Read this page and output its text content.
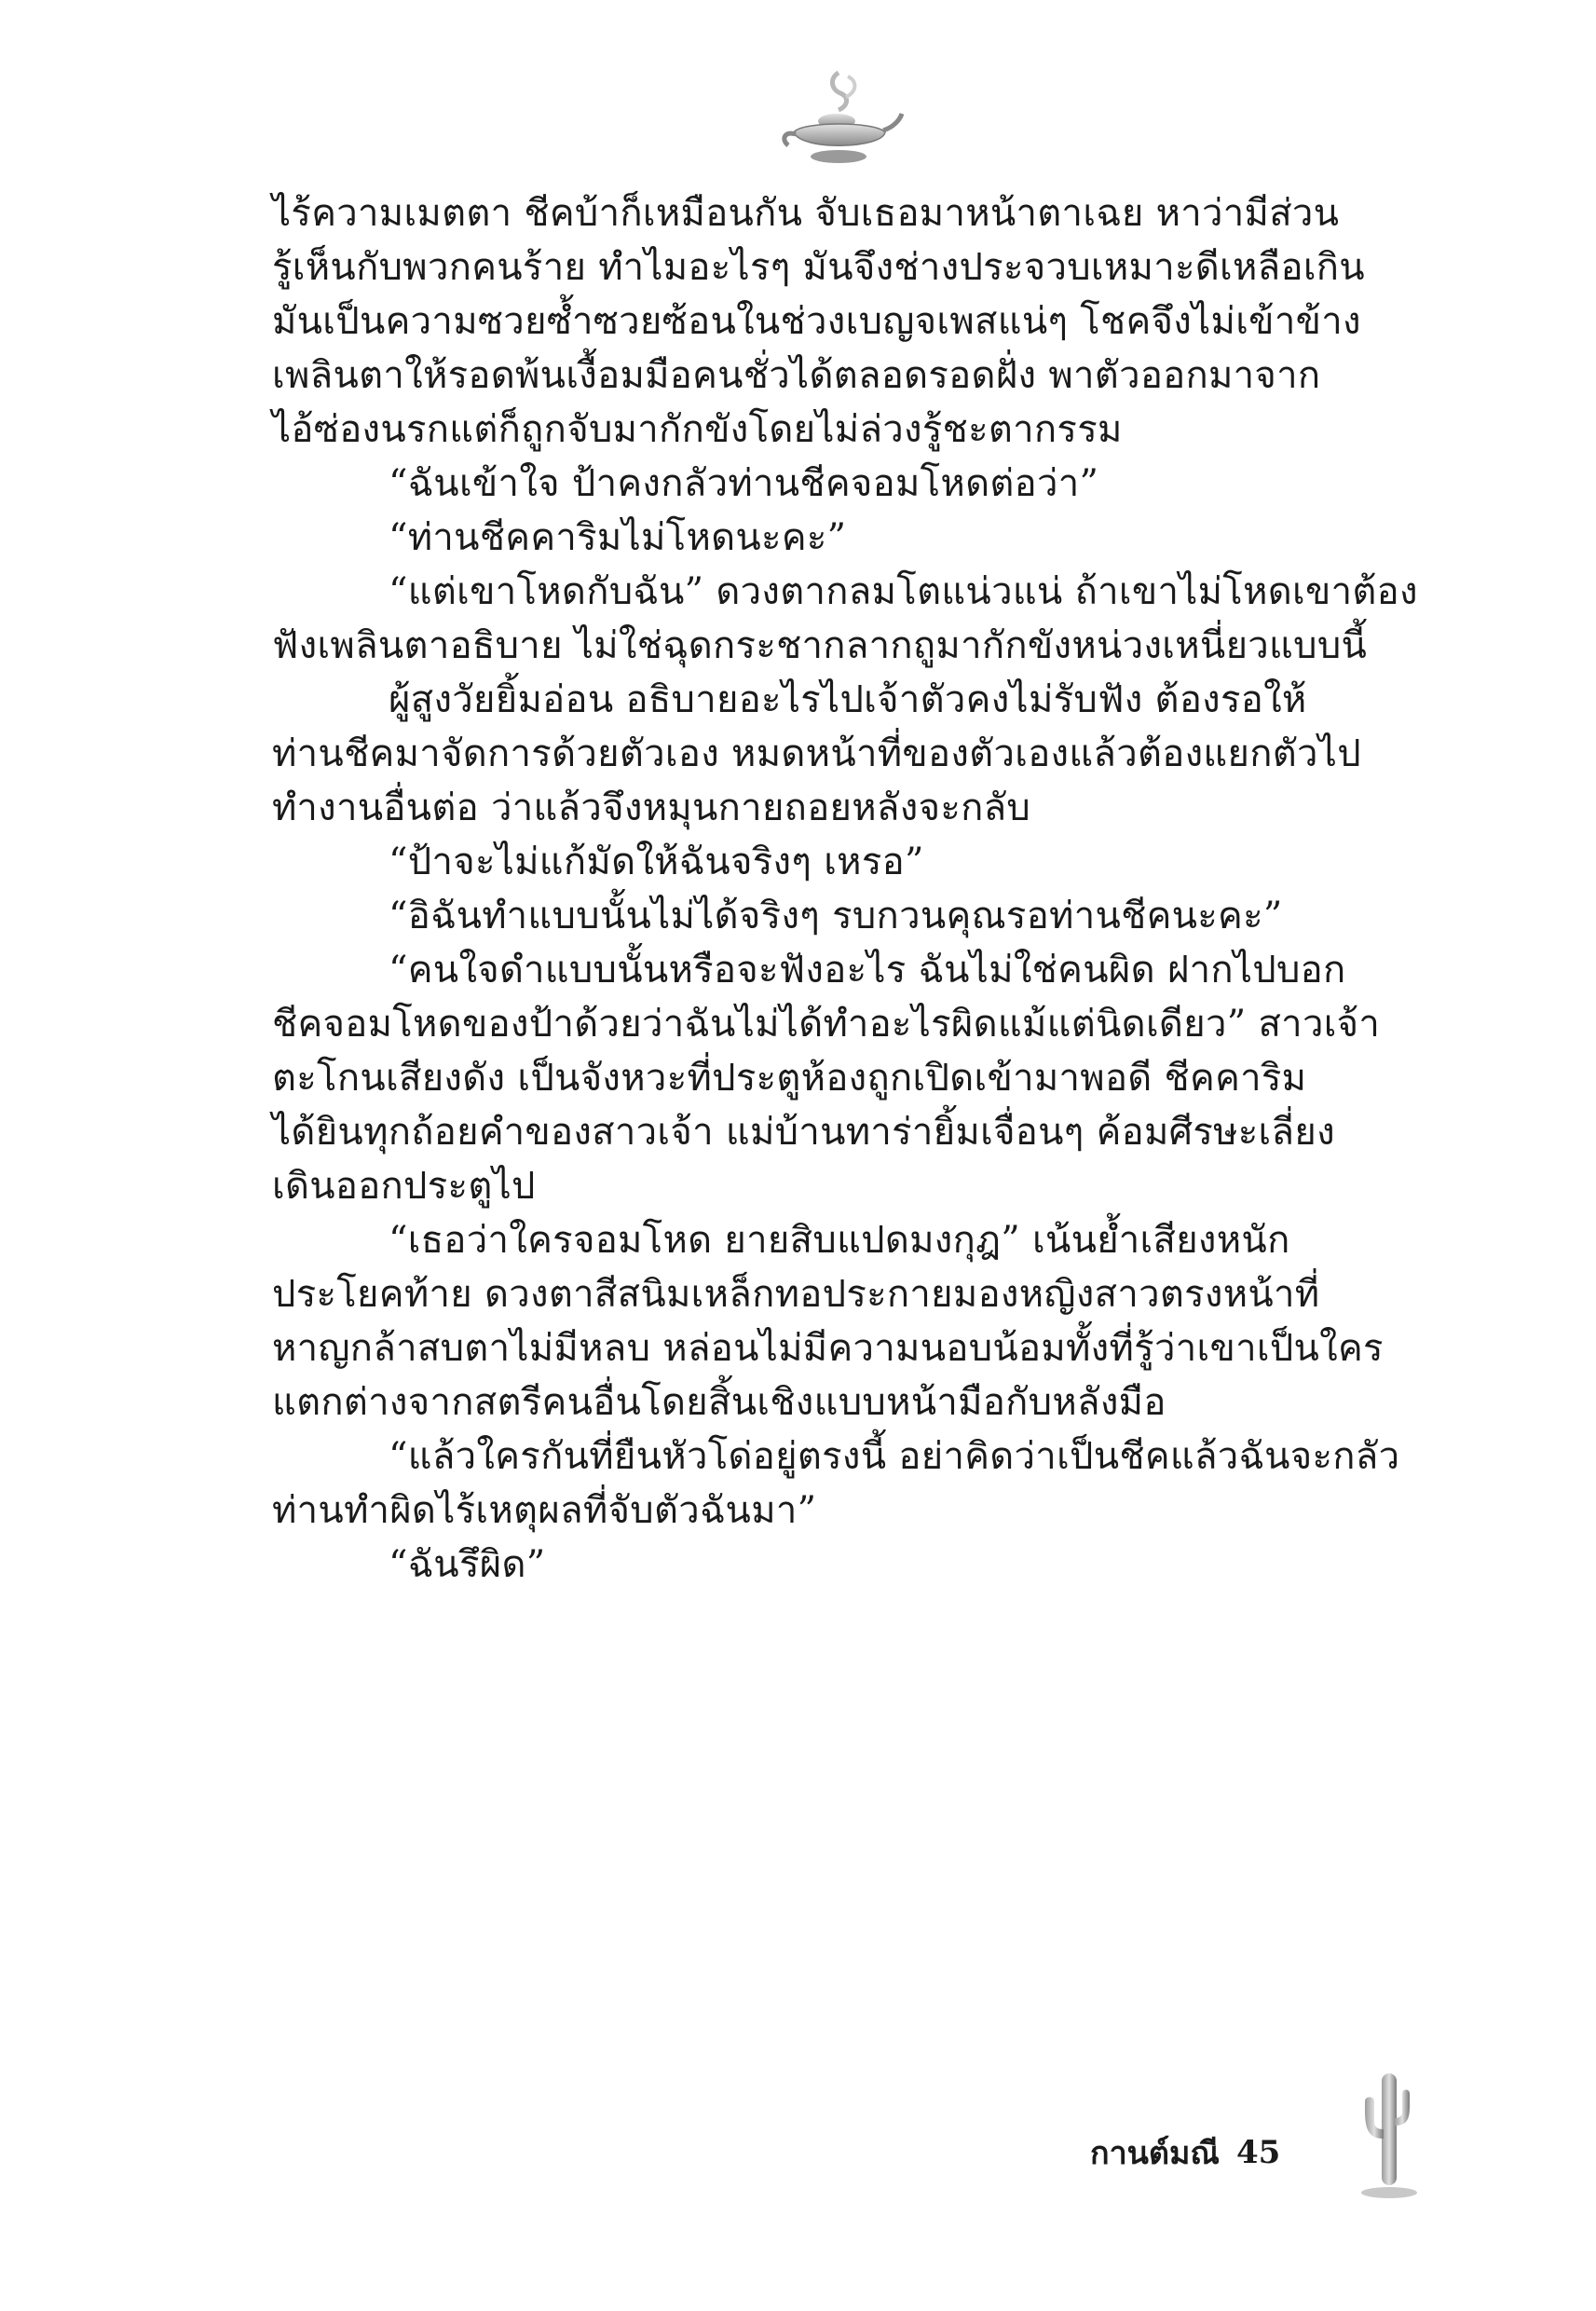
ไร้ความเมตตา ชีคบ้าก็เหมือนกัน จับเธอมาหน้าตาเฉย หาว่ามีส่วน

รู้เห็นกับพวกคนร้าย ทำไมอะไรๆ มันจึงช่างประจวบเหมาะดีเหลือเกิน

มันเป็นความซวยซ้ำซวยซ้อนในช่วงเบญจเพสแน่ๆ โชคจึงไม่เข้าข้าง

เพลินตาให้รอดพ้นเงื้อมมือคนชั่วได้ตลอดรอดฝั่ง พาตัวออกมาจาก

ไอ้ซ่องนรกแต่ก็ถูกจับมากักขังโดยไม่ล่วงรู้ชะตากรรม

“ฉันเข้าใจ ป้าคงกลัวท่านชีคจอมโหดต่อว่า”

“ท่านชีคคาริมไม่โหดนะคะ”

“แต่เขาโหดกับฉัน” ดวงตากลมโตแน่วแน่ ถ้าเขาไม่โหดเขาต้อง

ฟังเพลินตาอธิบาย ไม่ใช่ฉุดกระชากลากถูมากักขังหน่วงเหนี่ยวแบบนี้

ผู้สูงวัยยิ้มอ่อน อธิบายอะไรไปเจ้าตัวคงไม่รับฟัง ต้องรอให้

ท่านชีคมาจัดการด้วยตัวเอง หมดหน้าที่ของตัวเองแล้วต้องแยกตัวไป

ทำงานอื่นต่อ ว่าแล้วจึงหมุนกายถอยหลังจะกลับ

“ป้าจะไม่แก้มัดให้ฉันจริงๆ เหรอ”

“อิฉันทำแบบนั้นไม่ได้จริงๆ รบกวนคุณรอท่านชีคนะคะ”

“คนใจดำแบบนั้นหรือจะฟังอะไร ฉันไม่ใช่คนผิด ฝากไปบอก

ชีคจอมโหดของป้าด้วยว่าฉันไม่ได้ทำอะไรผิดแม้แต่นิดเดียว” สาวเจ้า

ตะโกนเสียงดัง เป็นจังหวะที่ประตูห้องถูกเปิดเข้ามาพอดี ชีคคาริม

ได้ยินทุกถ้อยคำของสาวเจ้า แม่บ้านทาร่ายิ้มเจื่อนๆ ค้อมศีรษะเลี่ยง

เดินออกประตูไป

“เธอว่าใครจอมโหด ยายสิบแปดมงกุฎ” เน้นย้ำเสียงหนัก

ประโยคท้าย ดวงตาสีสนิมเหล็กทอประกายมองหญิงสาวตรงหน้าที่

หาญกล้าสบตาไม่มีหลบ หล่อนไม่มีความนอบน้อมทั้งที่รู้ว่าเขาเป็นใคร

แตกต่างจากสตรีคนอื่นโดยสิ้นเชิงแบบหน้ามือกับหลังมือ

“แล้วใครกันที่ยืนหัวโด่อยู่ตรงนี้ อย่าคิดว่าเป็นชีคแล้วฉันจะกลัว

ท่านทำผิดไร้เหตุผลที่จับตัวฉันมา”

“ฉันรึผิด”

กานต์มณี 45
